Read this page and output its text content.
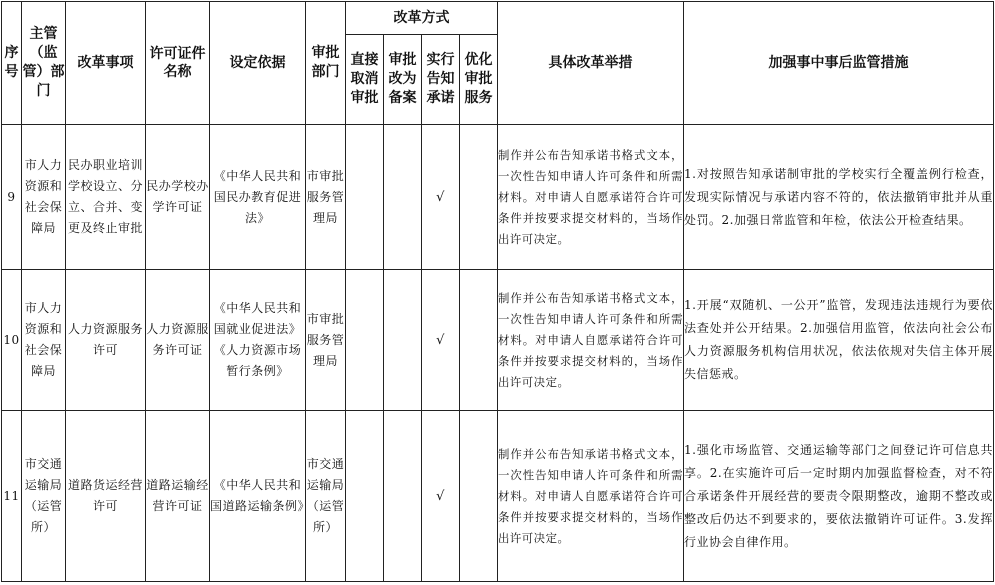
序号	主管（监管）部门	改革事项	许可证件名称	设定依据	审批部门	改革方式				具体改革举措	加强事中事后监管措施
						直接取消审批	审批改为备案	实行告知承诺	优化审批服务		
9	市人力资源和社会保障局	民办职业培训学校设立、分立、合并、变更及终止审批	民办学校办学许可证	《中华人民共和国民办教育促进法》	市审批服务管理局			√		制作并公布告知承诺书格式文本，一次性告知申请人许可条件和所需材料。对申请人自愿承诺符合许可条件并按要求提交材料的，当场作出许可决定。	1.对按照告知承诺制审批的学校实行全覆盖例行检查，发现实际情况与承诺内容不符的，依法撤销审批并从重处罚。2.加强日常监管和年检，依法公开检查结果。
10	市人力资源和社会保障局	人力资源服务许可	人力资源服务许可证	《中华人民共和国就业促进法》《人力资源市场暂行条例》	市审批服务管理局			√		制作并公布告知承诺书格式文本，一次性告知申请人许可条件和所需材料。对申请人自愿承诺符合许可条件并按要求提交材料的，当场作出许可决定。	1.开展“双随机、一公开”监管，发现违法违规行为要依法查处并公开结果。2.加强信用监管，依法向社会公布人力资源服务机构信用状况，依法依规对失信主体开展失信惩戒。
11	市交通运输局（运管所）	道路货运经营许可	道路运输经营许可证	《中华人民共和国道路运输条例》	市交通运输局（运管所）			√		制作并公布告知承诺书格式文本，一次性告知申请人许可条件和所需材料。对申请人自愿承诺符合许可条件并按要求提交材料的，当场作出许可决定。	1.强化市场监管、交通运输等部门之间登记许可信息共享。2.在实施许可后一定时期内加强监督检查，对不符合承诺条件开展经营的要责令限期整改，逾期不整改或整改后仍达不到要求的，要依法撤销许可证件。3.发挥行业协会自律作用。
